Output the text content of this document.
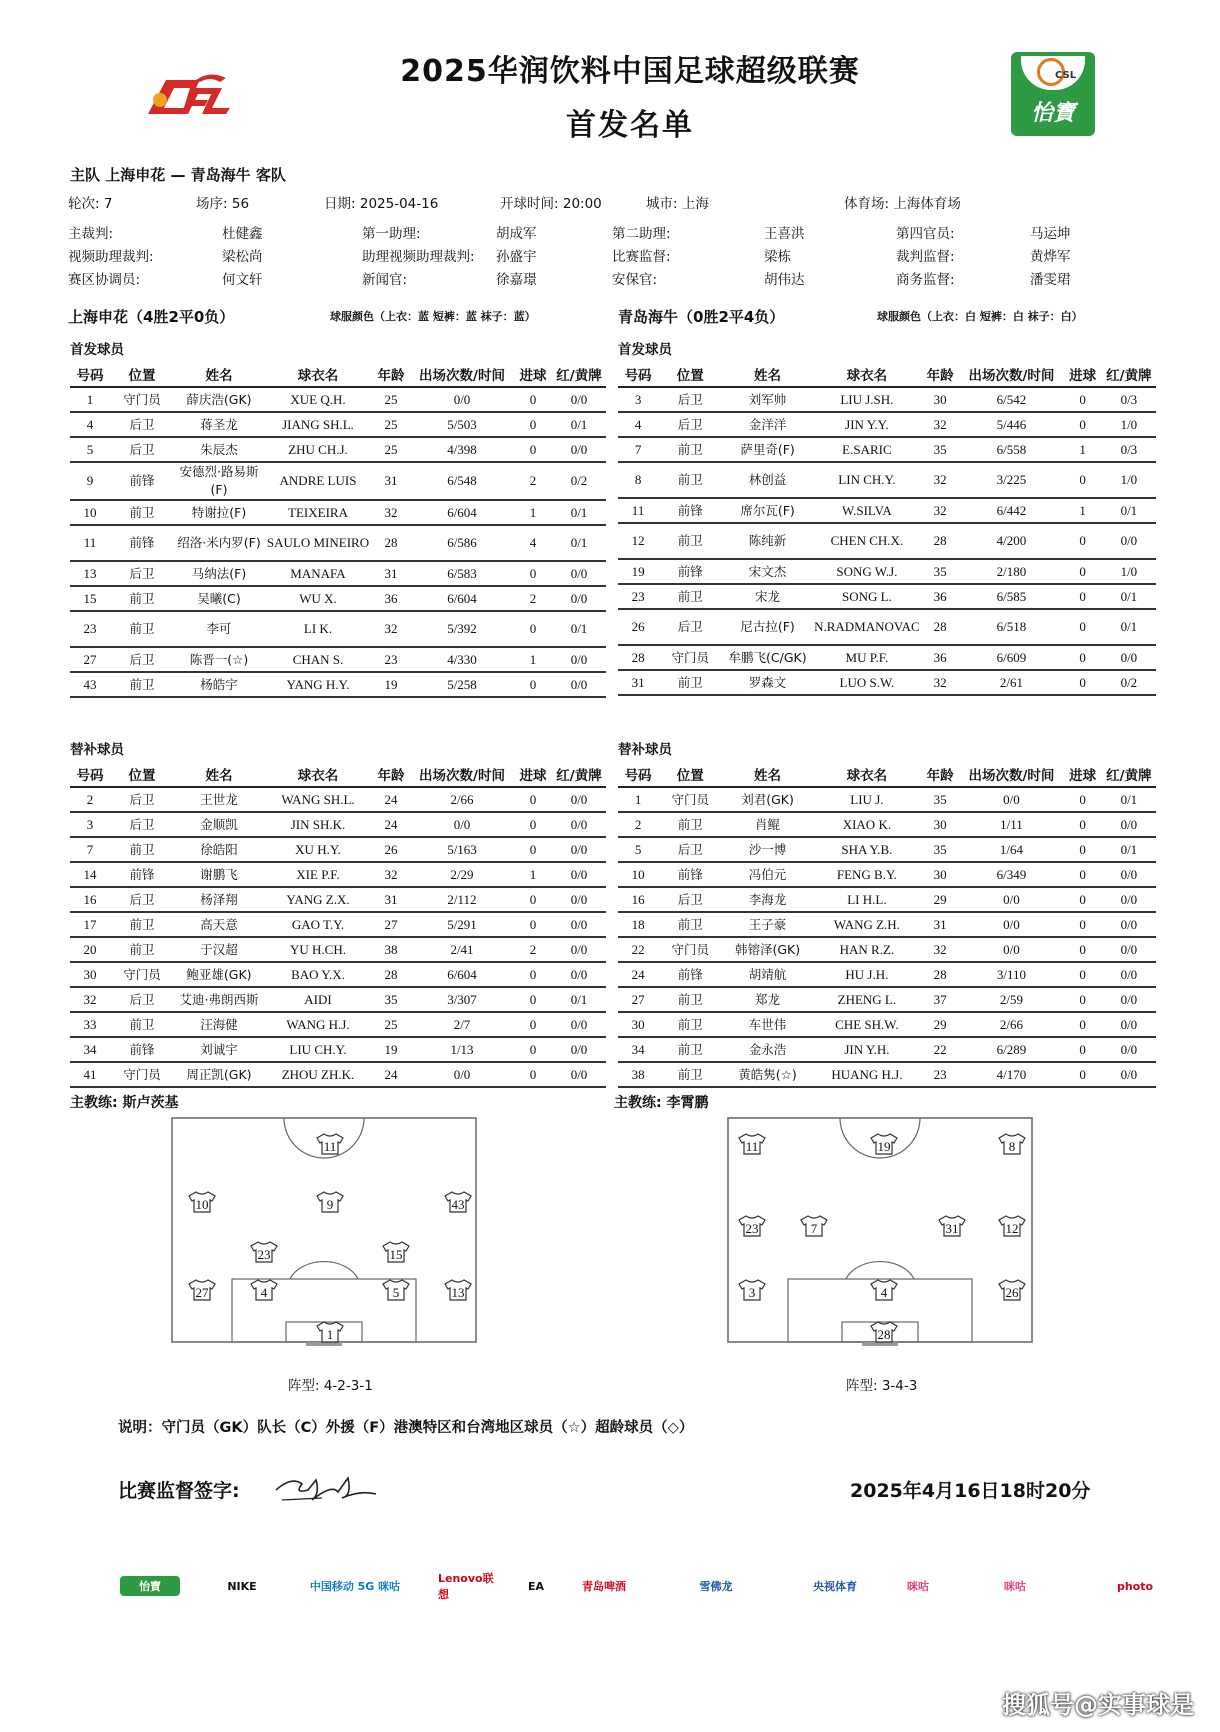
CSL
怡寶
2025华润饮料中国足球超级联赛
首发名单
主队 上海申花 — 青岛海牛 客队
轮次: 7	场序: 56	日期: 2025-04-16	开球时间: 20:00	城市: 上海	体育场: 上海体育场
主裁判:	杜健鑫	第一助理:	胡成军	第二助理:	王喜洪	第四官员:	马运坤
视频助理裁判:	梁松尚	助理视频助理裁判: 孙盛宇	比赛监督:	梁栋	裁判监督:	黄烨军
赛区协调员:	何文轩	新闻官:	徐嘉璟	安保官:	胡伟达	商务监督:	潘雯珺
上海申花（4胜2平0负）	球服颜色（上衣：蓝 短裤：蓝 袜子：蓝）	青岛海牛（0胜2平4负）	球服颜色（上衣：白 短裤：白 袜子：白）
首发球员	首发球员
号码	位置	姓名	球衣名	年龄	出场次数/时间	进球	红/黄牌
1	守门员	薛庆浩(GK)	XUE Q.H.	25	0/0	0	0/0
4	后卫	蒋圣龙	JIANG SH.L.	25	5/503	0	0/1
5	后卫	朱辰杰	ZHU CH.J.	25	4/398	0	0/0
9	前锋	安德烈·路易斯(F)	ANDRE LUIS	31	6/548	2	0/2
10	前卫	特谢拉(F)	TEIXEIRA	32	6/604	1	0/1
11	前锋	绍洛·米内罗(F)	SAULO MINEIRO	28	6/586	4	0/1
13	后卫	马纳法(F)	MANAFA	31	6/583	0	0/0
15	前卫	吴曦(C)	WU X.	36	6/604	2	0/0
23	前卫	李可	LI K.	32	5/392	0	0/1
27	后卫	陈晋一(☆)	CHAN S.	23	4/330	1	0/0
43	前卫	杨皓宇	YANG H.Y.	19	5/258	0	0/0
号码	位置	姓名	球衣名	年龄	出场次数/时间	进球	红/黄牌
3	后卫	刘军帅	LIU J.SH.	30	6/542	0	0/3
4	后卫	金洋洋	JIN Y.Y.	32	5/446	0	1/0
7	前卫	萨里奇(F)	E.SARIC	35	6/558	1	0/3
8	前卫	林创益	LIN CH.Y.	32	3/225	0	1/0
11	前锋	席尔瓦(F)	W.SILVA	32	6/442	1	0/1
12	前卫	陈纯新	CHEN CH.X.	28	4/200	0	0/0
19	前锋	宋文杰	SONG W.J.	35	2/180	0	1/0
23	前卫	宋龙	SONG L.	36	6/585	0	0/1
26	后卫	尼古拉(F)	N.RADMANOVAC	28	6/518	0	0/1
28	守门员	牟鹏飞(C/GK)	MU P.F.	36	6/609	0	0/0
31	前卫	罗森文	LUO S.W.	32	2/61	0	0/2
替补球员	替补球员
号码	位置	姓名	球衣名	年龄	出场次数/时间	进球	红/黄牌
2	后卫	王世龙	WANG SH.L.	24	2/66	0	0/0
3	后卫	金顺凯	JIN SH.K.	24	0/0	0	0/0
7	前卫	徐皓阳	XU H.Y.	26	5/163	0	0/0
14	前锋	谢鹏飞	XIE P.F.	32	2/29	1	0/0
16	后卫	杨泽翔	YANG Z.X.	31	2/112	0	0/0
17	前卫	高天意	GAO T.Y.	27	5/291	0	0/0
20	前卫	于汉超	YU H.CH.	38	2/41	2	0/0
30	守门员	鲍亚雄(GK)	BAO Y.X.	28	6/604	0	0/0
32	后卫	艾迪·弗朗西斯	AIDI	35	3/307	0	0/1
33	前卫	汪海健	WANG H.J.	25	2/7	0	0/0
34	前锋	刘诚宇	LIU CH.Y.	19	1/13	0	0/0
41	守门员	周正凯(GK)	ZHOU ZH.K.	24	0/0	0	0/0
号码	位置	姓名	球衣名	年龄	出场次数/时间	进球	红/黄牌
1	守门员	刘君(GK)	LIU J.	35	0/0	0	0/1
2	前卫	肖鲲	XIAO K.	30	1/11	0	0/0
5	后卫	沙一博	SHA Y.B.	35	1/64	0	0/1
10	前锋	冯伯元	FENG B.Y.	30	6/349	0	0/0
16	后卫	李海龙	LI H.L.	29	0/0	0	0/0
18	前卫	王子豪	WANG Z.H.	31	0/0	0	0/0
22	守门员	韩镕泽(GK)	HAN R.Z.	32	0/0	0	0/0
24	前锋	胡靖航	HU J.H.	28	3/110	0	0/0
27	前卫	郑龙	ZHENG L.	37	2/59	0	0/0
30	前卫	车世伟	CHE SH.W.	29	2/66	0	0/0
34	前卫	金永浩	JIN Y.H.	22	6/289	0	0/0
38	前卫	黄皓隽(☆)	HUANG H.J.	23	4/170	0	0/0
主教练: 斯卢茨基	主教练: 李霄鹏
11
10	9	43
23	15
27	4	5	13
1
11	19	8
23	7	31	12
3	4	26
28
阵型: 4-2-3-1	阵型: 3-4-3
说明：守门员（GK）队长（C）外援（F）港澳特区和台湾地区球员（☆）超龄球员（◇）
比赛监督签字:	2025年4月16日18时20分
怡寶	NIKE	中国移动 5G 咪咕
Lenovo联想
EA	青岛啤酒	雪佛龙	央视体育	咪咕	咪咕	photo
搜狐号@实事球是
